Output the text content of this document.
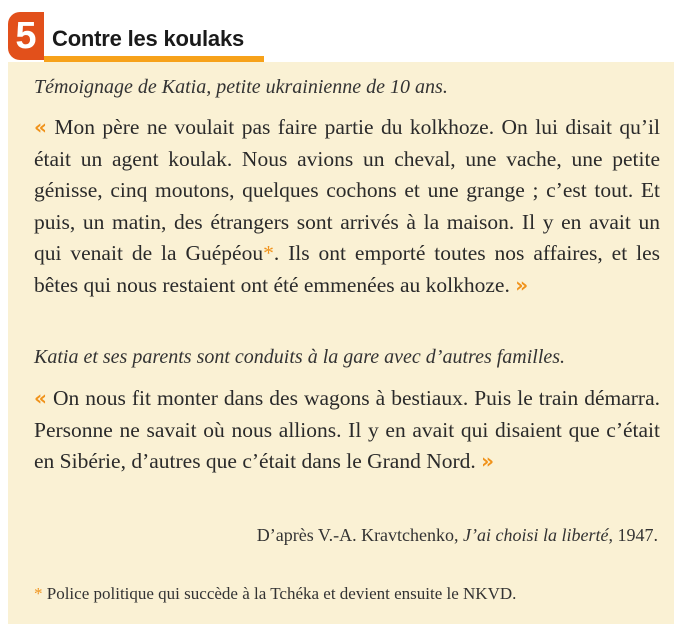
5 Contre les koulaks
Témoignage de Katia, petite ukrainienne de 10 ans.
« Mon père ne voulait pas faire partie du kolkhoze. On lui disait qu’il était un agent koulak. Nous avions un cheval, une vache, une petite génisse, cinq moutons, quelques cochons et une grange ; c’est tout. Et puis, un matin, des étrangers sont arrivés à la maison. Il y en avait un qui venait de la Guépéou*. Ils ont emporté toutes nos affaires, et les bêtes qui nous restaient ont été emmenées au kolkhoze. »
Katia et ses parents sont conduits à la gare avec d’autres familles.
« On nous fit monter dans des wagons à bestiaux. Puis le train démarra. Personne ne savait où nous allions. Il y en avait qui disaient que c’était en Sibérie, d’autres que c’était dans le Grand Nord. »
D’après V.-A. Kravtchenko, J’ai choisi la liberté, 1947.
* Police politique qui succède à la Tchéka et devient ensuite le NKVD.
